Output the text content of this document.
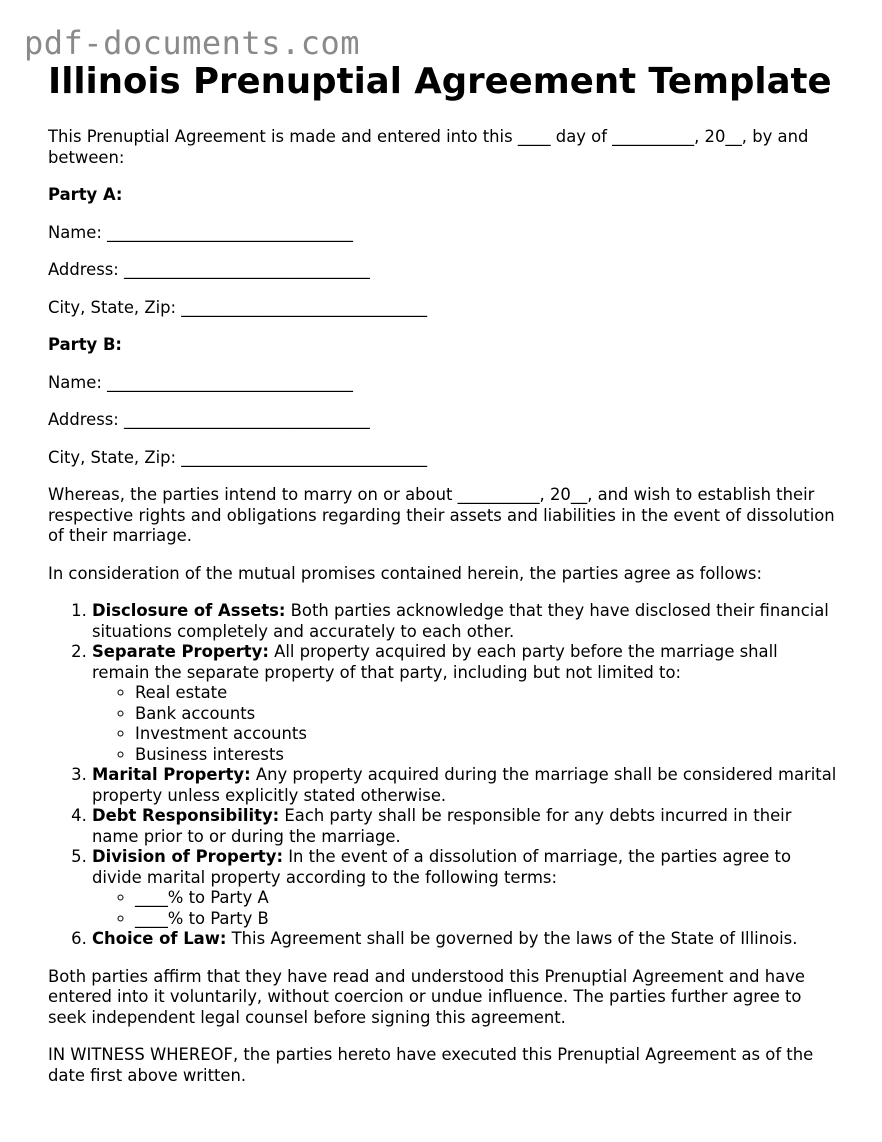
pdf-documents.com
Illinois Prenuptial Agreement Template

This Prenuptial Agreement is made and entered into this ____ day of __________, 20__, by and between:

Party A:

Name: ______________________________

Address: ______________________________

City, State, Zip: ______________________________

Party B:

Name: ______________________________

Address: ______________________________

City, State, Zip: ______________________________

Whereas, the parties intend to marry on or about __________, 20__, and wish to establish their respective rights and obligations regarding their assets and liabilities in the event of dissolution of their marriage.

In consideration of the mutual promises contained herein, the parties agree as follows:

1. Disclosure of Assets: Both parties acknowledge that they have disclosed their financial situations completely and accurately to each other.
2. Separate Property: All property acquired by each party before the marriage shall remain the separate property of that party, including but not limited to:
◦ Real estate
◦ Bank accounts
◦ Investment accounts
◦ Business interests
3. Marital Property: Any property acquired during the marriage shall be considered marital property unless explicitly stated otherwise.
4. Debt Responsibility: Each party shall be responsible for any debts incurred in their name prior to or during the marriage.
5. Division of Property: In the event of a dissolution of marriage, the parties agree to divide marital property according to the following terms:
◦ ____% to Party A
◦ ____% to Party B
6. Choice of Law: This Agreement shall be governed by the laws of the State of Illinois.

Both parties affirm that they have read and understood this Prenuptial Agreement and have entered into it voluntarily, without coercion or undue influence. The parties further agree to seek independent legal counsel before signing this agreement.

IN WITNESS WHEREOF, the parties hereto have executed this Prenuptial Agreement as of the date first above written.
